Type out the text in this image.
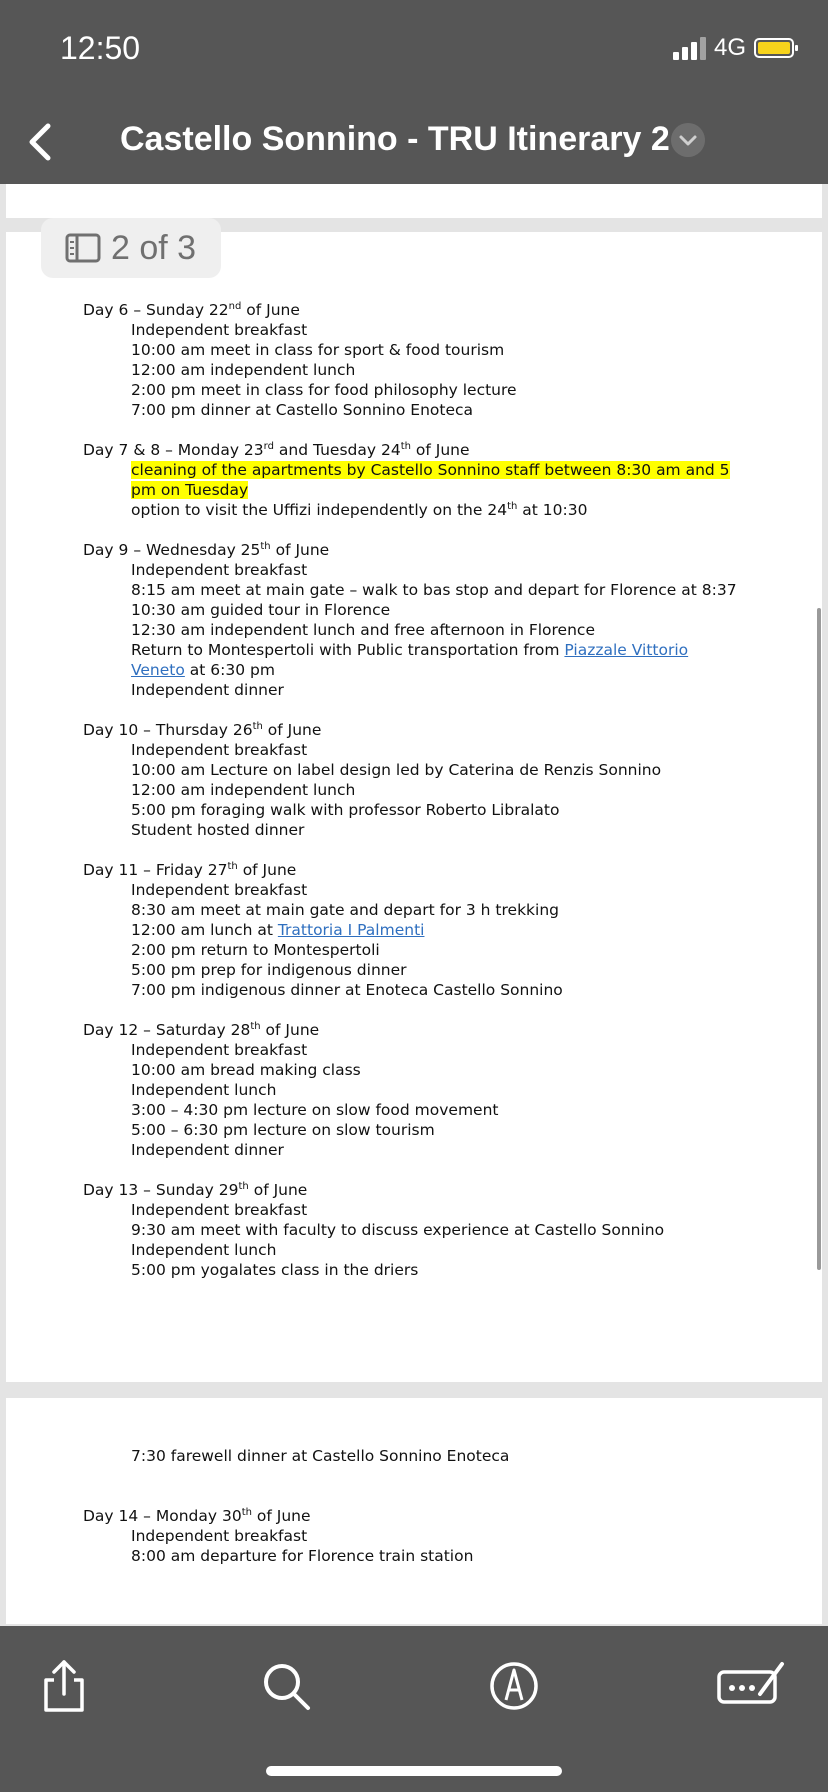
12:50	4G
Castello Sonnino - TRU Itinerary 2
2 of 3
Day 6 – Sunday 22nd of June
Independent breakfast
10:00 am meet in class for sport & food tourism
12:00 am independent lunch
2:00 pm meet in class for food philosophy lecture
7:00 pm dinner at Castello Sonnino Enoteca
Day 7 & 8 – Monday 23rd and Tuesday 24th of June
cleaning of the apartments by Castello Sonnino staff between 8:30 am and 5 pm on Tuesday
option to visit the Uffizi independently on the 24th at 10:30
Day 9 – Wednesday 25th of June
Independent breakfast
8:15 am meet at main gate – walk to bas stop and depart for Florence at 8:37
10:30 am guided tour in Florence
12:30 am independent lunch and free afternoon in Florence
Return to Montespertoli with Public transportation from Piazzale Vittorio Veneto at 6:30 pm
Independent dinner
Day 10 – Thursday 26th of June
Independent breakfast
10:00 am Lecture on label design led by Caterina de Renzis Sonnino
12:00 am independent lunch
5:00 pm foraging walk with professor Roberto Libralato
Student hosted dinner
Day 11 – Friday 27th of June
Independent breakfast
8:30 am meet at main gate and depart for 3 h trekking
12:00 am lunch at Trattoria I Palmenti
2:00 pm return to Montespertoli
5:00 pm prep for indigenous dinner
7:00 pm indigenous dinner at Enoteca Castello Sonnino
Day 12 – Saturday 28th of June
Independent breakfast
10:00 am bread making class
Independent lunch
3:00 – 4:30 pm lecture on slow food movement
5:00 – 6:30 pm lecture on slow tourism
Independent dinner
Day 13 – Sunday 29th of June
Independent breakfast
9:30 am meet with faculty to discuss experience at Castello Sonnino
Independent lunch
5:00 pm yogalates class in the driers
7:30 farewell dinner at Castello Sonnino Enoteca
Day 14 – Monday 30th of June
Independent breakfast
8:00 am departure for Florence train station
